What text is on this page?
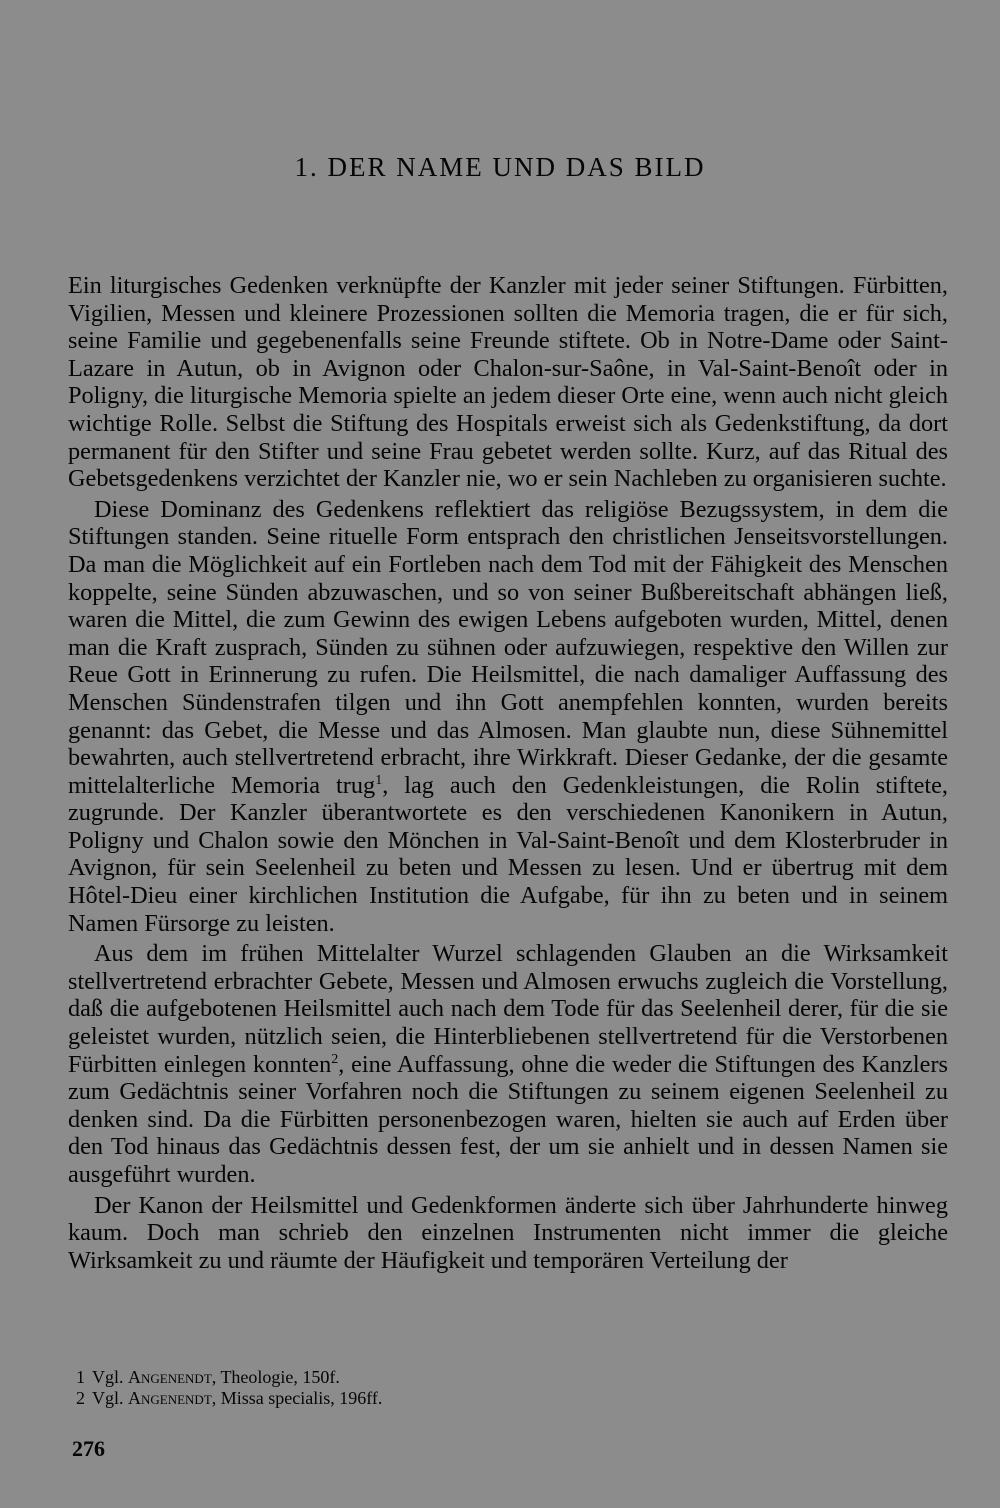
1. DER NAME UND DAS BILD

Ein liturgisches Gedenken verknüpfte der Kanzler mit jeder seiner Stiftungen. Fürbitten, Vigilien, Messen und kleinere Prozessionen sollten die Memoria tragen, die er für sich, seine Familie und gegebenenfalls seine Freunde stiftete. Ob in Notre-Dame oder Saint-Lazare in Autun, ob in Avignon oder Chalon-sur-Saône, in Val-Saint-Benoît oder in Poligny, die liturgische Memoria spielte an jedem dieser Orte eine, wenn auch nicht gleich wichtige Rolle. Selbst die Stiftung des Hospitals erweist sich als Gedenkstiftung, da dort permanent für den Stifter und seine Frau gebetet werden sollte. Kurz, auf das Ritual des Gebetsgedenkens verzichtet der Kanzler nie, wo er sein Nachleben zu organisieren suchte.

Diese Dominanz des Gedenkens reflektiert das religiöse Bezugssystem, in dem die Stiftungen standen. Seine rituelle Form entsprach den christlichen Jenseitsvorstellungen. Da man die Möglichkeit auf ein Fortleben nach dem Tod mit der Fähigkeit des Menschen koppelte, seine Sünden abzuwaschen, und so von seiner Bußbereitschaft abhängen ließ, waren die Mittel, die zum Gewinn des ewigen Lebens aufgeboten wurden, Mittel, denen man die Kraft zusprach, Sünden zu sühnen oder aufzuwiegen, respektive den Willen zur Reue Gott in Erinnerung zu rufen. Die Heilsmittel, die nach damaliger Auffassung des Menschen Sündenstrafen tilgen und ihn Gott anempfehlen konnten, wurden bereits genannt: das Gebet, die Messe und das Almosen. Man glaubte nun, diese Sühnemittel bewahrten, auch stellvertretend erbracht, ihre Wirkkraft. Dieser Gedanke, der die gesamte mittelalterliche Memoria trug$^1$, lag auch den Gedenkleistungen, die Rolin stiftete, zugrunde. Der Kanzler überantwortete es den verschiedenen Kanonikern in Autun, Poligny und Chalon sowie den Mönchen in Val-Saint-Benoît und dem Klosterbruder in Avignon, für sein Seelenheil zu beten und Messen zu lesen. Und er übertrug mit dem Hôtel-Dieu einer kirchlichen Institution die Aufgabe, für ihn zu beten und in seinem Namen Fürsorge zu leisten.

Aus dem im frühen Mittelalter Wurzel schlagenden Glauben an die Wirksamkeit stellvertretend erbrachter Gebete, Messen und Almosen erwuchs zugleich die Vorstellung, daß die aufgebotenen Heilsmittel auch nach dem Tode für das Seelenheil derer, für die sie geleistet wurden, nützlich seien, die Hinterbliebenen stellvertretend für die Verstorbenen Fürbitten einlegen konnten$^2$, eine Auffassung, ohne die weder die Stiftungen des Kanzlers zum Gedächtnis seiner Vorfahren noch die Stiftungen zu seinem eigenen Seelenheil zu denken sind. Da die Fürbitten personenbezogen waren, hielten sie auch auf Erden über den Tod hinaus das Gedächtnis dessen fest, der um sie anhielt und in dessen Namen sie ausgeführt wurden.

Der Kanon der Heilsmittel und Gedenkformen änderte sich über Jahrhunderte hinweg kaum. Doch man schrieb den einzelnen Instrumenten nicht immer die gleiche Wirksamkeit zu und räumte der Häufigkeit und temporären Verteilung der

1 Vgl. Angenendt, Theologie, 150f.
2 Vgl. Angenendt, Missa specialis, 196ff.
276
